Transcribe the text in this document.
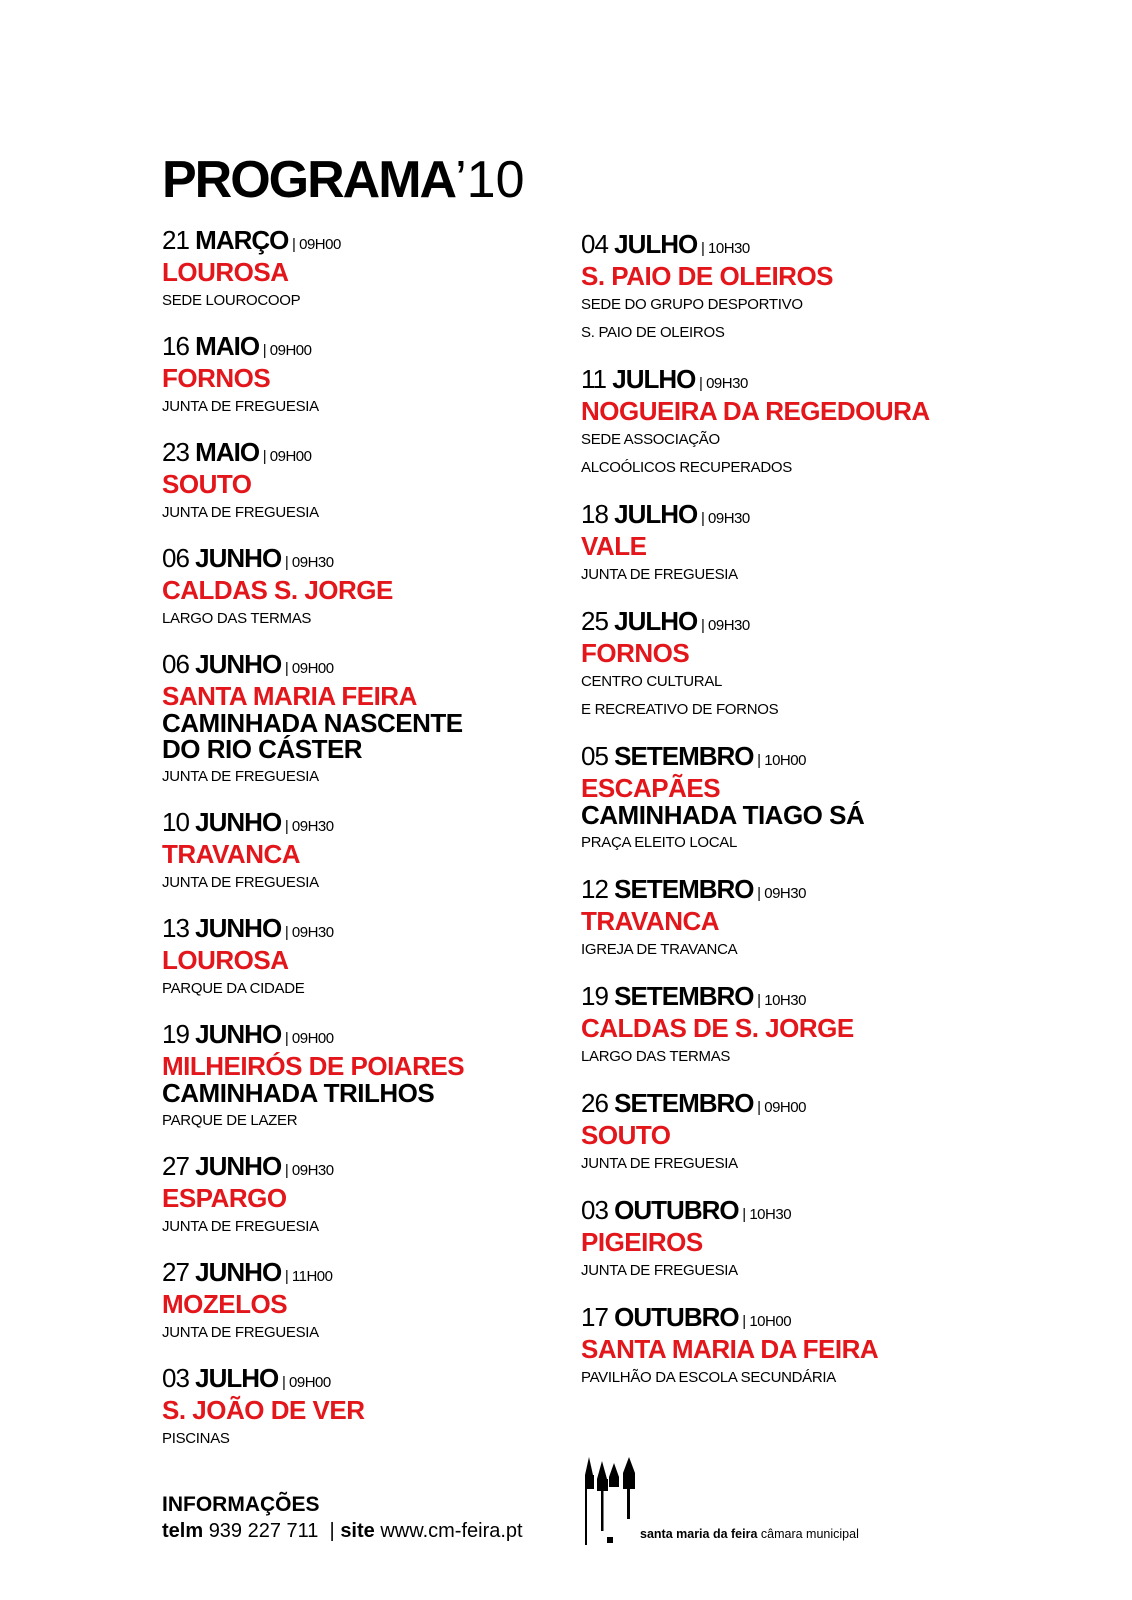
PROGRAMA’10
21 MARÇO | 09H00
LOUROSA
SEDE LOUROCOOP
16 MAIO | 09H00
FORNOS
JUNTA DE FREGUESIA
23 MAIO | 09H00
SOUTO
JUNTA DE FREGUESIA
06 JUNHO | 09H30
CALDAS S. JORGE
LARGO DAS TERMAS
06 JUNHO | 09H00
SANTA MARIA FEIRA
CAMINHADA NASCENTE DO RIO CÁSTER
JUNTA DE FREGUESIA
10 JUNHO | 09H30
TRAVANCA
JUNTA DE FREGUESIA
13 JUNHO | 09H30
LOUROSA
PARQUE DA CIDADE
19 JUNHO | 09H00
MILHEIRÓS DE POIARES
CAMINHADA TRILHOS
PARQUE DE LAZER
27 JUNHO | 09H30
ESPARGO
JUNTA DE FREGUESIA
27 JUNHO | 11H00
MOZELOS
JUNTA DE FREGUESIA
03 JULHO | 09H00
S. JOÃO DE VER
PISCINAS
04 JULHO | 10H30
S. PAIO DE OLEIROS
SEDE DO GRUPO DESPORTIVO
S. PAIO DE OLEIROS
11 JULHO | 09H30
NOGUEIRA DA REGEDOURA
SEDE ASSOCIAÇÃO
ALCOÓLICOS RECUPERADOS
18 JULHO | 09H30
VALE
JUNTA DE FREGUESIA
25 JULHO | 09H30
FORNOS
CENTRO CULTURAL
E RECREATIVO DE FORNOS
05 SETEMBRO | 10H00
ESCAPÃES
CAMINHADA TIAGO SÁ
PRAÇA ELEITO LOCAL
12 SETEMBRO | 09H30
TRAVANCA
IGREJA DE TRAVANCA
19 SETEMBRO | 10H30
CALDAS DE S. JORGE
LARGO DAS TERMAS
26 SETEMBRO | 09H00
SOUTO
JUNTA DE FREGUESIA
03 OUTUBRO | 10H30
PIGEIROS
JUNTA DE FREGUESIA
17 OUTUBRO | 10H00
SANTA MARIA DA FEIRA
PAVILHÃO DA ESCOLA SECUNDÁRIA
INFORMAÇÕES
telm 939 227 711  | site www.cm-feira.pt	santa maria da feira câmara municipal
